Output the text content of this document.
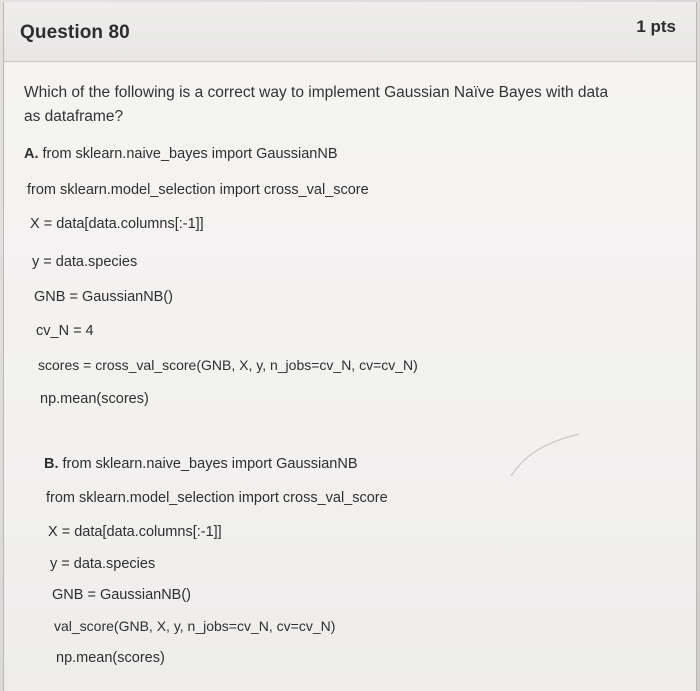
Question 80	1 pts
Which of the following is a correct way to implement Gaussian Naïve Bayes with data as dataframe?
A. from sklearn.naive_bayes import GaussianNB
from sklearn.model_selection import cross_val_score
X = data[data.columns[:-1]]
y = data.species
GNB = GaussianNB()
cv_N = 4
scores = cross_val_score(GNB, X, y, n_jobs=cv_N, cv=cv_N)
np.mean(scores)
B. from sklearn.naive_bayes import GaussianNB
from sklearn.model_selection import cross_val_score
X = data[data.columns[:-1]]
y = data.species
GNB = GaussianNB()
val_score(GNB, X, y, n_jobs=cv_N, cv=cv_N)
np.mean(scores)
